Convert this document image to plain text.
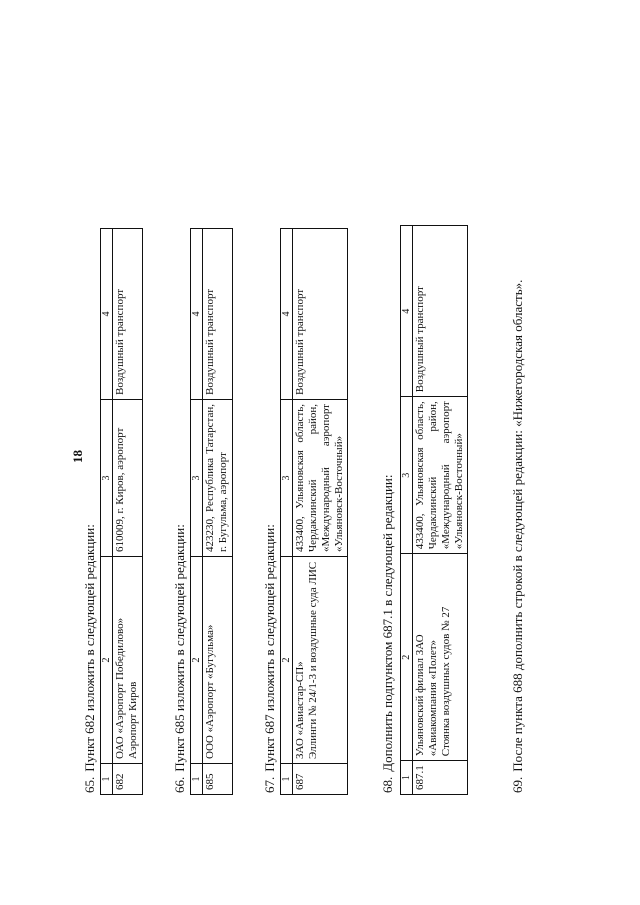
18
65. Пункт 682 изложить в следующей редакции:
1	2	3	4
682	ОАО «Аэропорт Победилово» Аэропорт Киров	610009, г. Киров, аэропорт	Воздушный транспорт
66. Пункт 685 изложить в следующей редакции:
1	2	3	4
685	ООО «Аэропорт «Бугульма»	423230, Республика Татарстан, г. Бугульма, аэропорт	Воздушный транспорт
67. Пункт 687 изложить в следующей редакции:
1	2	3	4
687	ЗАО «Авиастар-СП» Эллинги № 24/1-3 и воздушные суда ЛИС	433400, Ульяновская область, Чердаклинский район, «Международный аэропорт «Ульяновск-Восточный»	Воздушный транспорт
68. Дополнить подпунктом 687.1 в следующей редакции:
1	2	3	4
687.1	Ульяновский филиал ЗАО «Авиакомпания «Полет» Стоянка воздушных судов № 27	433400, Ульяновская область, Чердаклинский район, «Международный аэропорт «Ульяновск-Восточный»	Воздушный транспорт
69. После пункта 688 дополнить строкой в следующей редакции: «Нижегородская область».
